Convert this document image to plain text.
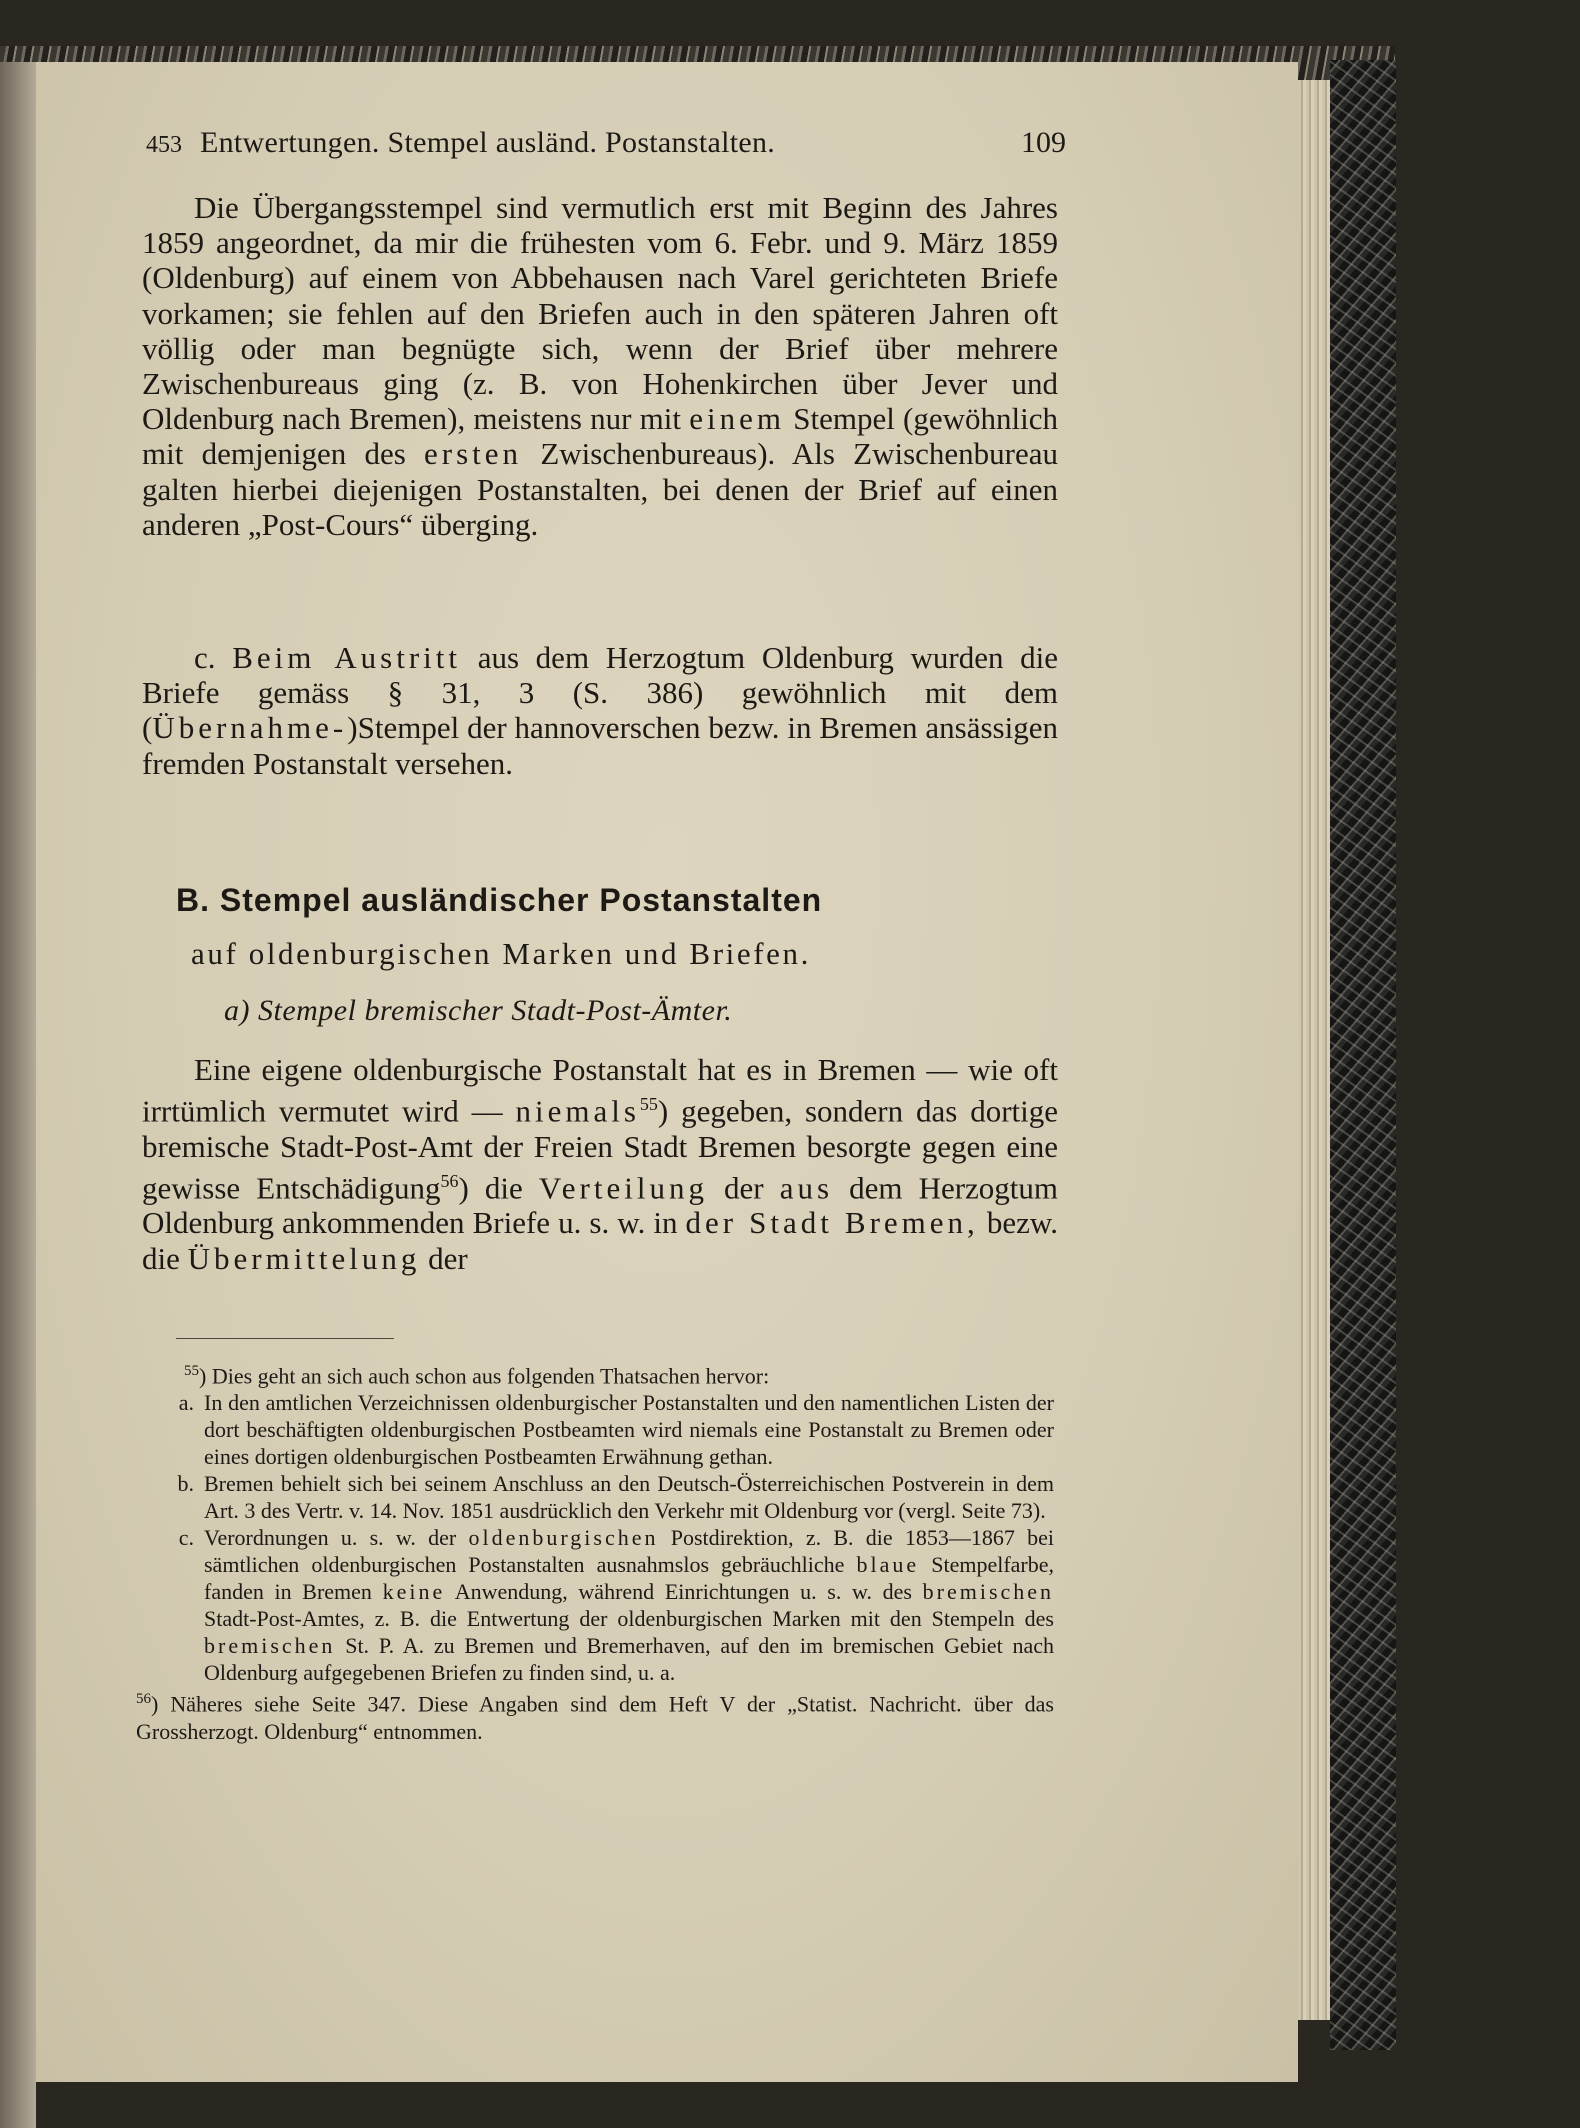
453 Entwertungen. Stempel ausländ. Postanstalten.	109

Die Übergangsstempel sind vermutlich erst mit Beginn des Jahres 1859 angeordnet, da mir die frühesten vom 6. Febr. und 9. März 1859 (Oldenburg) auf einem von Abbehausen nach Varel gerichteten Briefe vorkamen; sie fehlen auf den Briefen auch in den späteren Jahren oft völlig oder man begnügte sich, wenn der Brief über mehrere Zwischenbureaus ging (z. B. von Hohenkirchen über Jever und Oldenburg nach Bremen), meistens nur mit einem Stempel (gewöhnlich mit demjenigen des ersten Zwischenbureaus). Als Zwischenbureau galten hierbei diejenigen Postanstalten, bei denen der Brief auf einen anderen „Post-Cours“ überging.

c. Beim Austritt aus dem Herzogtum Oldenburg wurden die Briefe gemäss § 31, 3 (S. 386) gewöhnlich mit dem (Übernahme-)Stempel der hannoverschen bezw. in Bremen ansässigen fremden Postanstalt versehen.

B. Stempel ausländischer Postanstalten
auf oldenburgischen Marken und Briefen.
a) Stempel bremischer Stadt-Post-Ämter.

Eine eigene oldenburgische Postanstalt hat es in Bremen — wie oft irrtümlich vermutet wird — niemals$^{55}$) gegeben, sondern das dortige bremische Stadt-Post-Amt der Freien Stadt Bremen besorgte gegen eine gewisse Entschädigung$^{56}$) die Verteilung der aus dem Herzogtum Oldenburg ankommenden Briefe u. s. w. in der Stadt Bremen, bezw. die Übermittelung der

$^{55}$) Dies geht an sich auch schon aus folgenden Thatsachen hervor:

a. In den amtlichen Verzeichnissen oldenburgischer Postanstalten und den namentlichen Listen der dort beschäftigten oldenburgischen Postbeamten wird niemals eine Postanstalt zu Bremen oder eines dortigen oldenburgischen Postbeamten Erwähnung gethan.
b. Bremen behielt sich bei seinem Anschluss an den Deutsch-Österreichischen Postverein in dem Art. 3 des Vertr. v. 14. Nov. 1851 ausdrücklich den Verkehr mit Oldenburg vor (vergl. Seite 73).
c. Verordnungen u. s. w. der oldenburgischen Postdirektion, z. B. die 1853—1867 bei sämtlichen oldenburgischen Postanstalten ausnahmslos gebräuchliche blaue Stempelfarbe, fanden in Bremen keine Anwendung, während Einrichtungen u. s. w. des bremischen Stadt-Post-Amtes, z. B. die Entwertung der oldenburgischen Marken mit den Stempeln des bremischen St. P. A. zu Bremen und Bremerhaven, auf den im bremischen Gebiet nach Oldenburg aufgegebenen Briefen zu finden sind, u. a.

$^{56}$) Näheres siehe Seite 347. Diese Angaben sind dem Heft V der „Statist. Nachricht. über das Grossherzogt. Oldenburg“ entnommen.
